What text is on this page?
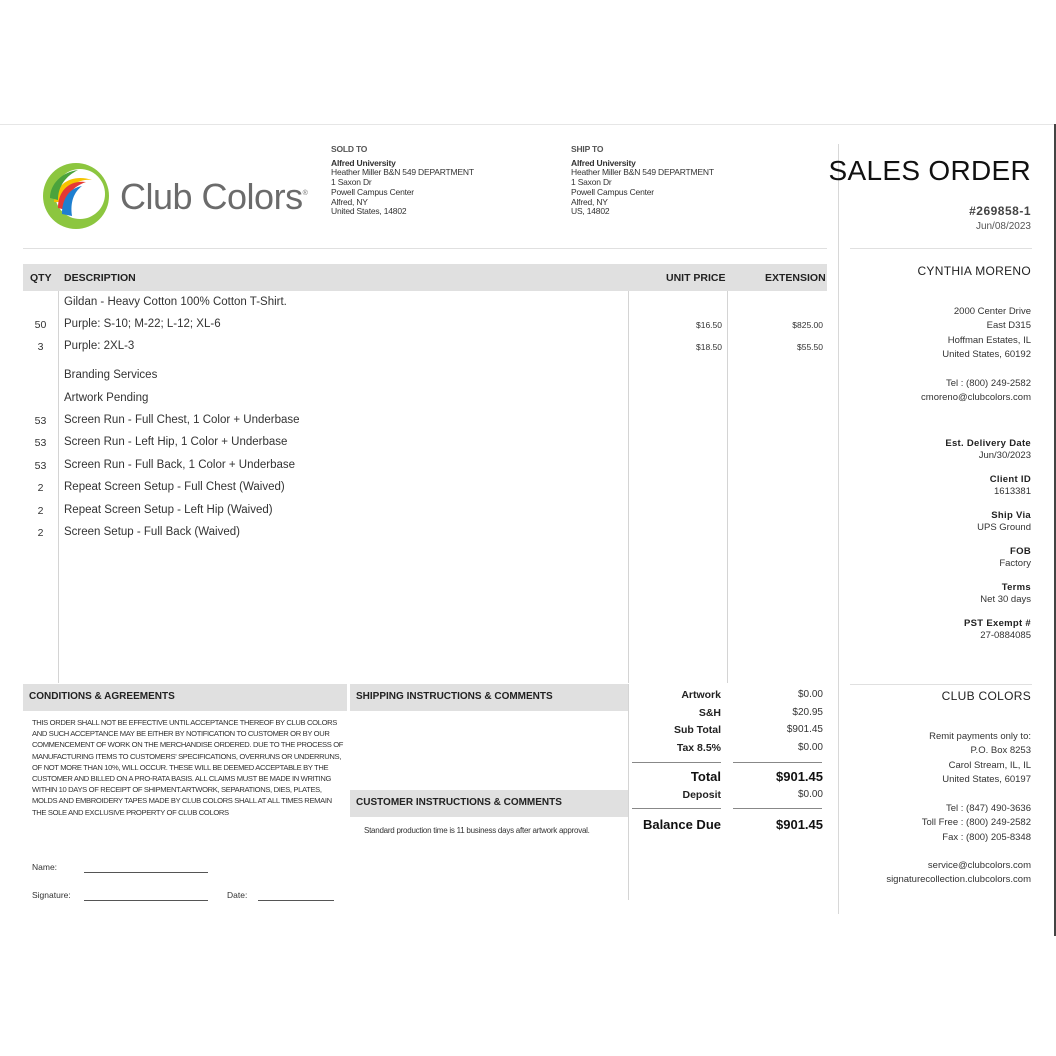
Club Colors®
SOLD TO
Alfred University
Heather Miller B&N 549 DEPARTMENT
1 Saxon Dr
Powell Campus Center
Alfred, NY
United States, 14802
SHIP TO
Alfred University
Heather Miller B&N 549 DEPARTMENT
1 Saxon Dr
Powell Campus Center
Alfred, NY
US, 14802
QTY DESCRIPTION	UNIT PRICE	EXTENSION
Gildan - Heavy Cotton 100% Cotton T-Shirt.
50	Purple: S-10; M-22; L-12; XL-6	$16.50	$825.00
3	Purple: 2XL-3	$18.50	$55.50
Branding Services
Artwork Pending
53	Screen Run - Full Chest, 1 Color + Underbase
53	Screen Run - Left Hip, 1 Color + Underbase
53	Screen Run - Full Back, 1 Color + Underbase
2	Repeat Screen Setup - Full Chest (Waived)
2	Repeat Screen Setup - Left Hip (Waived)
2	Screen Setup - Full Back (Waived)
CONDITIONS & AGREEMENTS	SHIPPING INSTRUCTIONS & COMMENTS
CUSTOMER INSTRUCTIONS & COMMENTS
THIS ORDER SHALL NOT BE EFFECTIVE UNTIL ACCEPTANCE THEREOF BY CLUB COLORS AND SUCH ACCEPTANCE MAY BE EITHER BY NOTIFICATION TO CUSTOMER OR BY OUR COMMENCEMENT OF WORK ON THE MERCHANDISE ORDERED. DUE TO THE PROCESS OF MANUFACTURING ITEMS TO CUSTOMERS' SPECIFICATIONS, OVERRUNS OR UNDERRUNS, OF NOT MORE THAN 10%, WILL OCCUR. THESE WILL BE DEEMED ACCEPTABLE BY THE CUSTOMER AND BILLED ON A PRO-RATA BASIS. ALL CLAIMS MUST BE MADE IN WRITING WITHIN 10 DAYS OF RECEIPT OF SHIPMENT.ARTWORK, SEPARATIONS, DIES, PLATES, MOLDS AND EMBROIDERY TAPES MADE BY CLUB COLORS SHALL AT ALL TIMES REMAIN THE SOLE AND EXCLUSIVE PROPERTY OF CLUB COLORS
Name:
Signature:	Date:
Standard production time is 11 business days after artwork approval.
Artwork	$0.00
S&H	$20.95
Sub Total	$901.45
Tax 8.5%	$0.00
Total	$901.45
Deposit	$0.00
Balance Due	$901.45
SALES ORDER
#269858-1
Jun/08/2023
CYNTHIA MORENO
2000 Center Drive
East D315
Hoffman Estates, IL
United States, 60192
Tel : (800) 249-2582
cmoreno@clubcolors.com
Est. Delivery Date
Jun/30/2023
Client ID
1613381
Ship Via
UPS Ground
FOB
Factory
Terms
Net 30 days
PST Exempt #
27-0884085
CLUB COLORS
Remit payments only to:
P.O. Box 8253
Carol Stream, IL, IL
United States, 60197
Tel : (847) 490-3636
Toll Free : (800) 249-2582
Fax : (800) 205-8348
service@clubcolors.com
signaturecollection.clubcolors.com
